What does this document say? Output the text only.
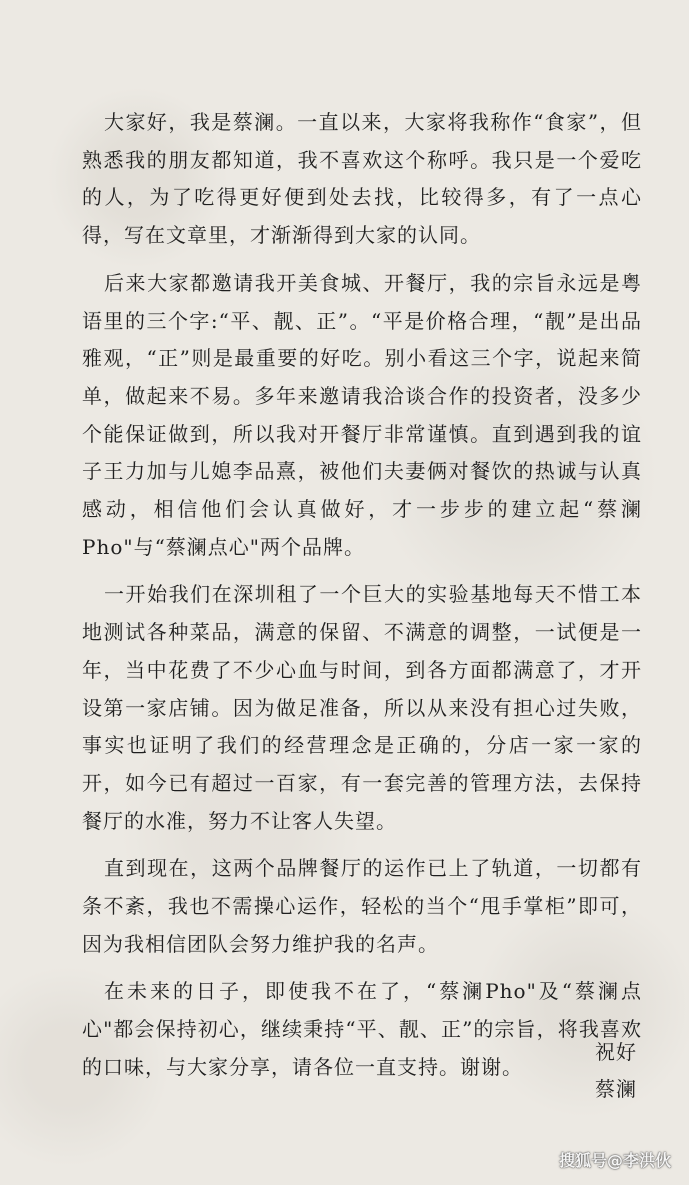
大家好，我是蔡澜。一直以来，大家将我称作“食家”，但熟悉我的朋友都知道，我不喜欢这个称呼。我只是一个爱吃的人，为了吃得更好便到处去找，比较得多，有了一点心得，写在文章里，才渐渐得到大家的认同。

后来大家都邀请我开美食城、开餐厅，我的宗旨永远是粤语里的三个字:“平、靓、正”。“平是价格合理，“靓”是出品雅观，“正”则是最重要的好吃。别小看这三个字，说起来简单，做起来不易。多年来邀请我洽谈合作的投资者，没多少个能保证做到，所以我对开餐厅非常谨慎。直到遇到我的谊子王力加与儿媳李品熹，被他们夫妻俩对餐饮的热诚与认真感动，相信他们会认真做好，才一步步的建立起“蔡澜Pho"与“蔡澜点心"两个品牌。

一开始我们在深圳租了一个巨大的实验基地每天不惜工本地测试各种菜品，满意的保留、不满意的调整，一试便是一年，当中花费了不少心血与时间，到各方面都满意了，才开设第一家店铺。因为做足准备，所以从来没有担心过失败，事实也证明了我们的经营理念是正确的，分店一家一家的开，如今已有超过一百家，有一套完善的管理方法，去保持餐厅的水准，努力不让客人失望。

直到现在，这两个品牌餐厅的运作已上了轨道，一切都有条不紊，我也不需操心运作，轻松的当个“甩手掌柜”即可，因为我相信团队会努力维护我的名声。

在未来的日子，即使我不在了，“蔡澜Pho"及“蔡澜点心"都会保持初心，继续秉持“平、靓、正”的宗旨，将我喜欢的口味，与大家分享，请各位一直支持。谢谢。

祝好
蔡澜
搜狐号@李洪伙
